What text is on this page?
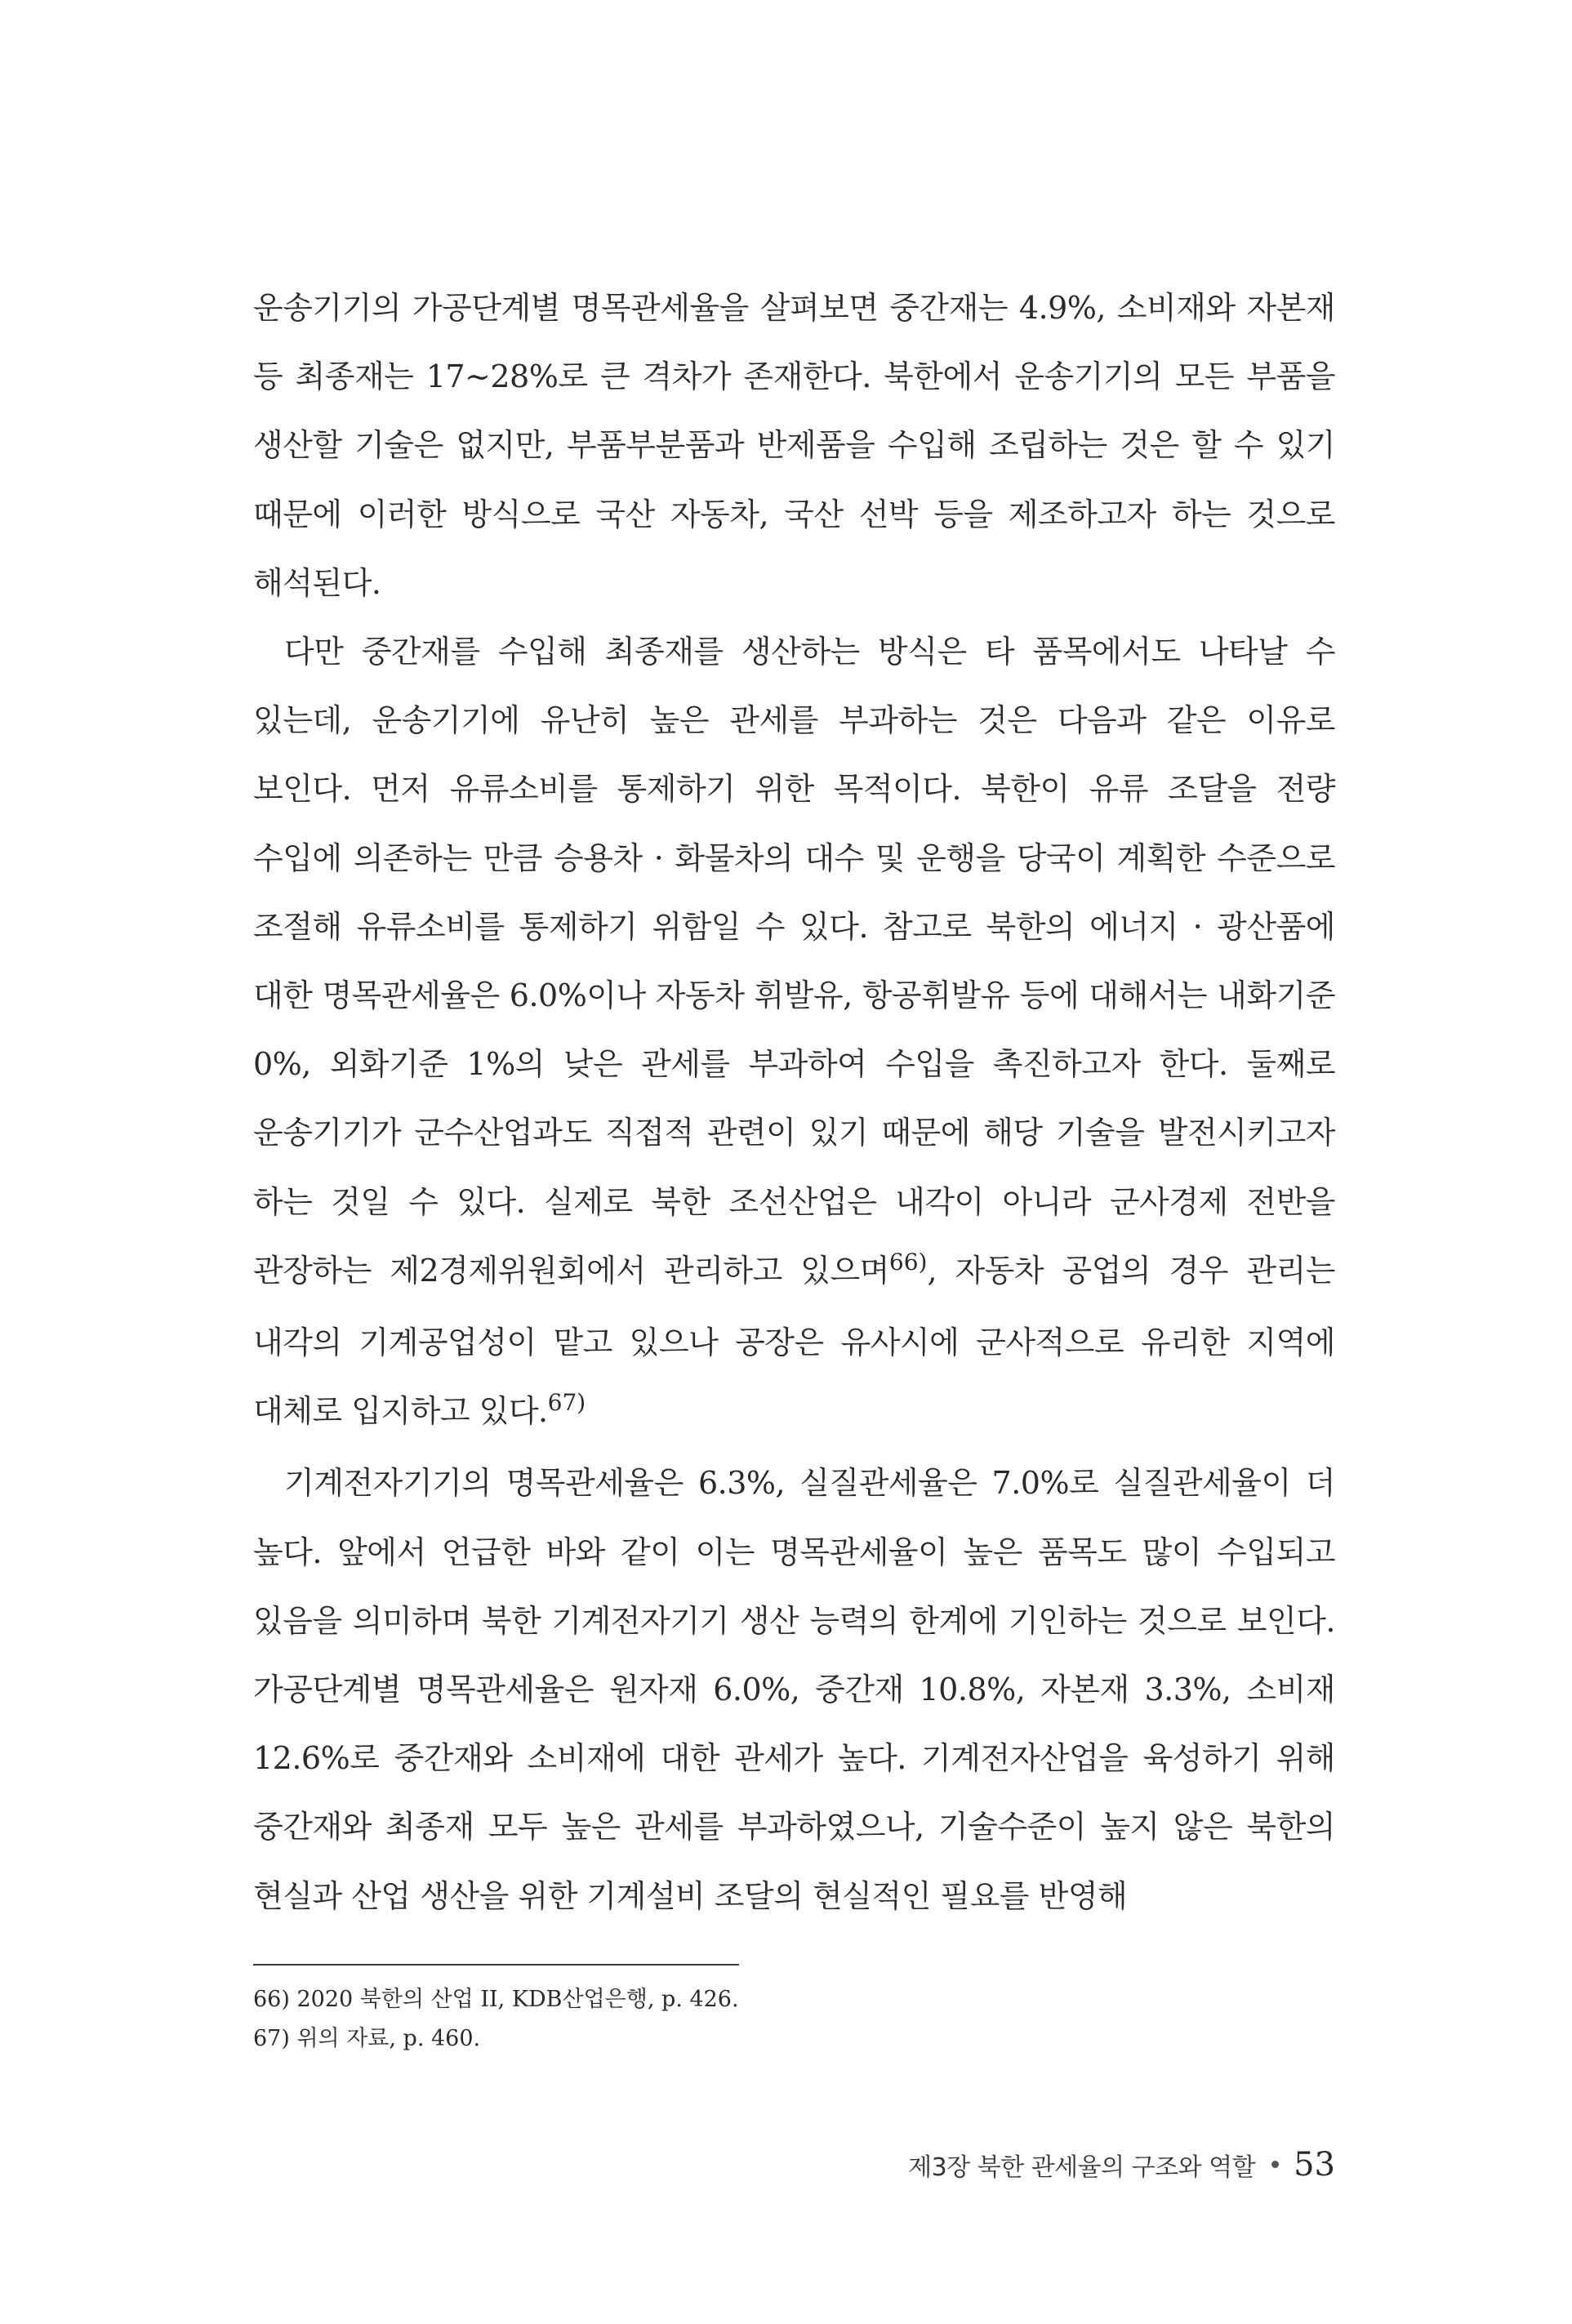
운송기기의 가공단계별 명목관세율을 살펴보면 중간재는 4.9%, 소비재와 자본재 등 최종재는 17~28%로 큰 격차가 존재한다. 북한에서 운송기기의 모든 부품을 생산할 기술은 없지만, 부품부분품과 반제품을 수입해 조립하는 것은 할 수 있기 때문에 이러한 방식으로 국산 자동차, 국산 선박 등을 제조하고자 하는 것으로 해석된다.

다만 중간재를 수입해 최종재를 생산하는 방식은 타 품목에서도 나타날 수 있는데, 운송기기에 유난히 높은 관세를 부과하는 것은 다음과 같은 이유로 보인다. 먼저 유류소비를 통제하기 위한 목적이다. 북한이 유류 조달을 전량 수입에 의존하는 만큼 승용차 · 화물차의 대수 및 운행을 당국이 계획한 수준으로 조절해 유류소비를 통제하기 위함일 수 있다. 참고로 북한의 에너지 · 광산품에 대한 명목관세율은 6.0%이나 자동차 휘발유, 항공휘발유 등에 대해서는 내화기준 0%, 외화기준 1%의 낮은 관세를 부과하여 수입을 촉진하고자 한다. 둘째로 운송기기가 군수산업과도 직접적 관련이 있기 때문에 해당 기술을 발전시키고자 하는 것일 수 있다. 실제로 북한 조선산업은 내각이 아니라 군사경제 전반을 관장하는 제2경제위원회에서 관리하고 있으며$^{66)}$, 자동차 공업의 경우 관리는 내각의 기계공업성이 맡고 있으나 공장은 유사시에 군사적으로 유리한 지역에 대체로 입지하고 있다.$^{67)}$

기계전자기기의 명목관세율은 6.3%, 실질관세율은 7.0%로 실질관세율이 더 높다. 앞에서 언급한 바와 같이 이는 명목관세율이 높은 품목도 많이 수입되고 있음을 의미하며 북한 기계전자기기 생산 능력의 한계에 기인하는 것으로 보인다. 가공단계별 명목관세율은 원자재 6.0%, 중간재 10.8%, 자본재 3.3%, 소비재 12.6%로 중간재와 소비재에 대한 관세가 높다. 기계전자산업을 육성하기 위해 중간재와 최종재 모두 높은 관세를 부과하였으나, 기술수준이 높지 않은 북한의 현실과 산업 생산을 위한 기계설비 조달의 현실적인 필요를 반영해

66) 2020 북한의 산업 II, KDB산업은행, p. 426.

67) 위의 자료, p. 460.

제3장 북한 관세율의 구조와 역할 53
